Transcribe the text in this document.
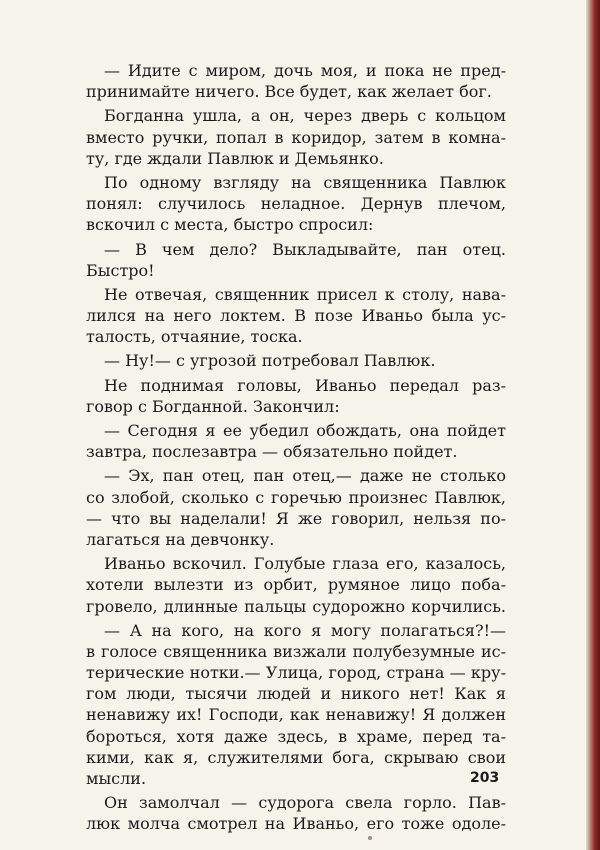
— Идите с миром, дочь моя, и пока не пред-
принимайте ничего. Все будет, как желает бог.
Богданна ушла, а он, через дверь с кольцом
вместо ручки, попал в коридор, затем в комна-
ту, где ждали Павлюк и Демьянко.
По одному взгляду на священника Павлюк
понял: случилось неладное. Дернув плечом,
вскочил с места, быстро спросил:
— В чем дело? Выкладывайте, пан отец.
Быстро!
Не отвечая, священник присел к столу, нава-
лился на него локтем. В позе Иваньо была ус-
талость, отчаяние, тоска.
— Ну!— с угрозой потребовал Павлюк.
Не поднимая головы, Иваньо передал раз-
говор с Богданной. Закончил:
— Сегодня я ее убедил обождать, она пойдет
завтра, послезавтра — обязательно пойдет.
— Эх, пан отец, пан отец,— даже не столько
со злобой, сколько с горечью произнес Павлюк,
— что вы наделали! Я же говорил, нельзя по-
лагаться на девчонку.
Иваньо вскочил. Голубые глаза его, казалось,
хотели вылезти из орбит, румяное лицо поба-
гровело, длинные пальцы судорожно корчились.
— А на кого, на кого я могу полагаться?!—
в голосе священника визжали полубезумные ис-
терические нотки.— Улица, город, страна — кру-
гом люди, тысячи людей и никого нет! Как я
ненавижу их! Господи, как ненавижу! Я должен
бороться, хотя даже здесь, в храме, перед та-
кими, как я, служителями бога, скрываю свои
мысли.
Он замолчал — судорога свела горло. Пав-
люк молча смотрел на Иваньо, его тоже одоле-
203
